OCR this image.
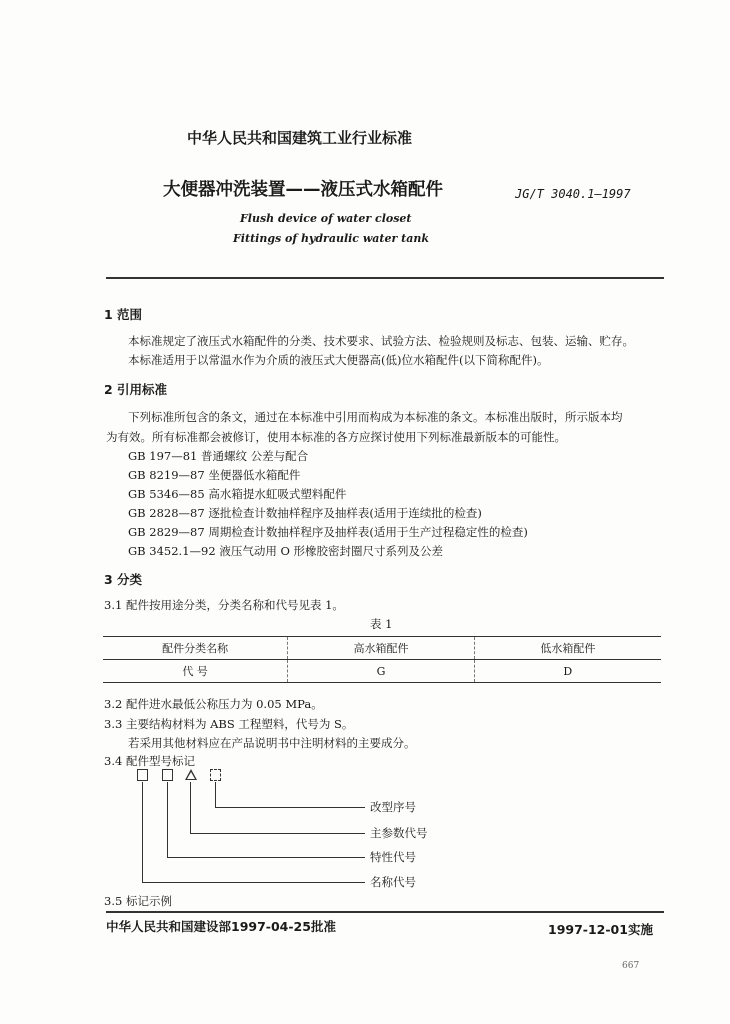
中华人民共和国建筑工业行业标准
大便器冲洗装置——液压式水箱配件	JG/T 3040.1—1997
Flush device of water closet
Fittings of hydraulic water tank
1 范围
本标准规定了液压式水箱配件的分类、技术要求、试验方法、检验规则及标志、包装、运输、贮存。
本标准适用于以常温水作为介质的液压式大便器高(低)位水箱配件(以下简称配件)。
2 引用标准
下列标准所包含的条文，通过在本标准中引用而构成为本标准的条文。本标准出版时，所示版本均
为有效。所有标准都会被修订，使用本标准的各方应探讨使用下列标准最新版本的可能性。
GB 197—81 普通螺纹 公差与配合
GB 8219—87 坐便器低水箱配件
GB 5346—85 高水箱提水虹吸式塑料配件
GB 2828—87 逐批检查计数抽样程序及抽样表(适用于连续批的检查)
GB 2829—87 周期检查计数抽样程序及抽样表(适用于生产过程稳定性的检查)
GB 3452.1—92 液压气动用 O 形橡胶密封圈尺寸系列及公差
3 分类
3.1 配件按用途分类，分类名称和代号见表 1。
表 1
配件分类名称	高水箱配件	低水箱配件
代 号	G	D
3.2 配件进水最低公称压力为 0.05 MPa。
3.3 主要结构材料为 ABS 工程塑料，代号为 S。
若采用其他材料应在产品说明书中注明材料的主要成分。
3.4 配件型号标记
改型序号
主参数代号
特性代号
名称代号
3.5 标记示例
中华人民共和国建设部1997-04-25批准	1997-12-01实施
667
